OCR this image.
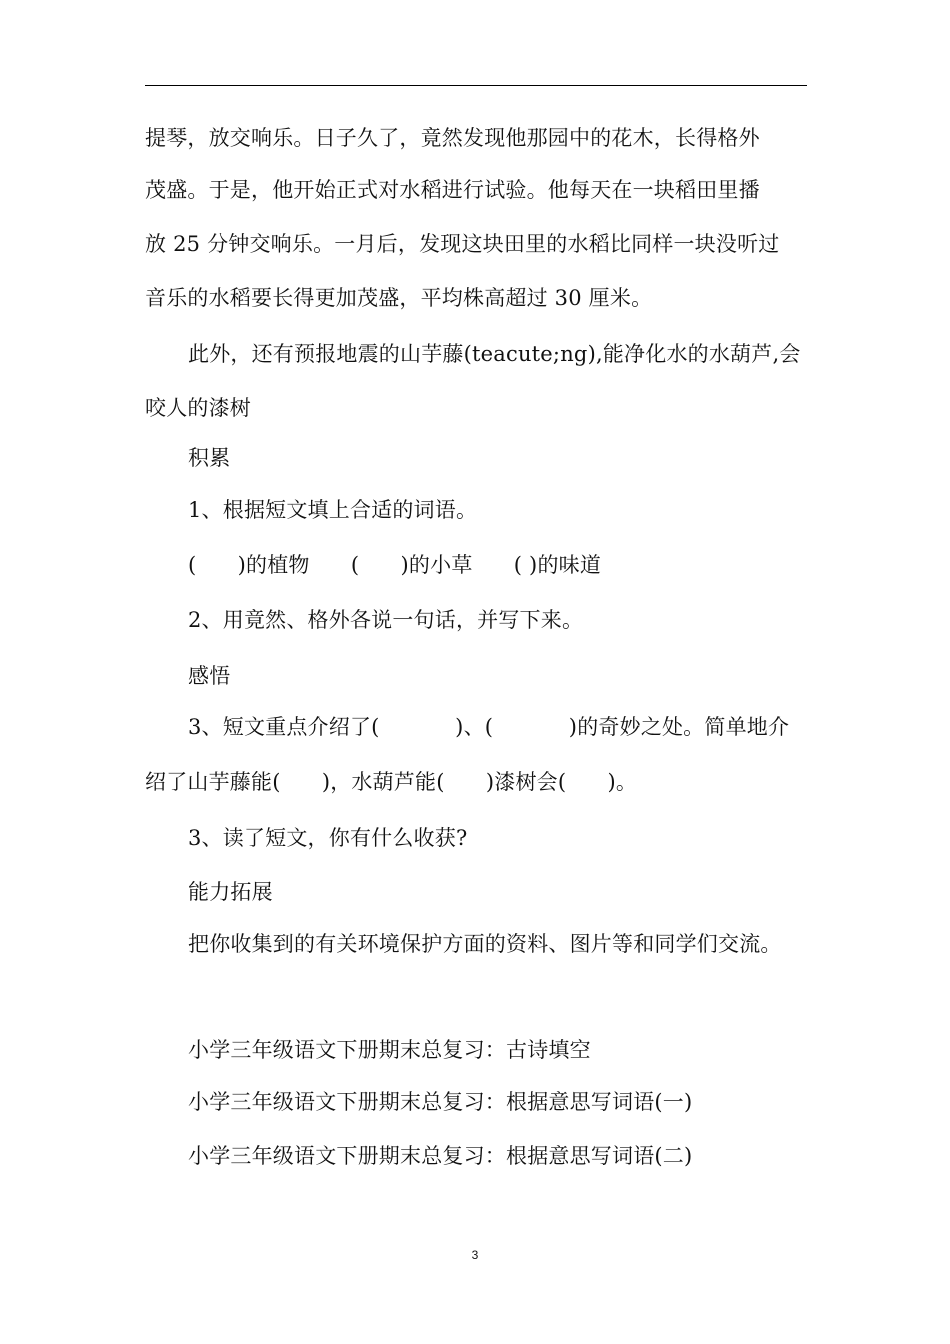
提琴，放交响乐。日子久了，竟然发现他那园中的花木，长得格外
茂盛。于是，他开始正式对水稻进行试验。他每天在一块稻田里播
放 25 分钟交响乐。一月后，发现这块田里的水稻比同样一块没听过
音乐的水稻要长得更加茂盛，平均株高超过 30 厘米。
此外，还有预报地震的山芋藤(teacute;ng),能净化水的水葫芦,会
咬人的漆树
积累
1、根据短文填上合适的词语。
(      )的植物      (      )的小草      ( )的味道
2、用竟然、格外各说一句话，并写下来。
感悟
3、短文重点介绍了(           )、(           )的奇妙之处。简单地介
绍了山芋藤能(      )，水葫芦能(      )漆树会(      )。
3、读了短文，你有什么收获?
能力拓展
把你收集到的有关环境保护方面的资料、图片等和同学们交流。
小学三年级语文下册期末总复习：古诗填空
小学三年级语文下册期末总复习：根据意思写词语(一)
小学三年级语文下册期末总复习：根据意思写词语(二)
3
